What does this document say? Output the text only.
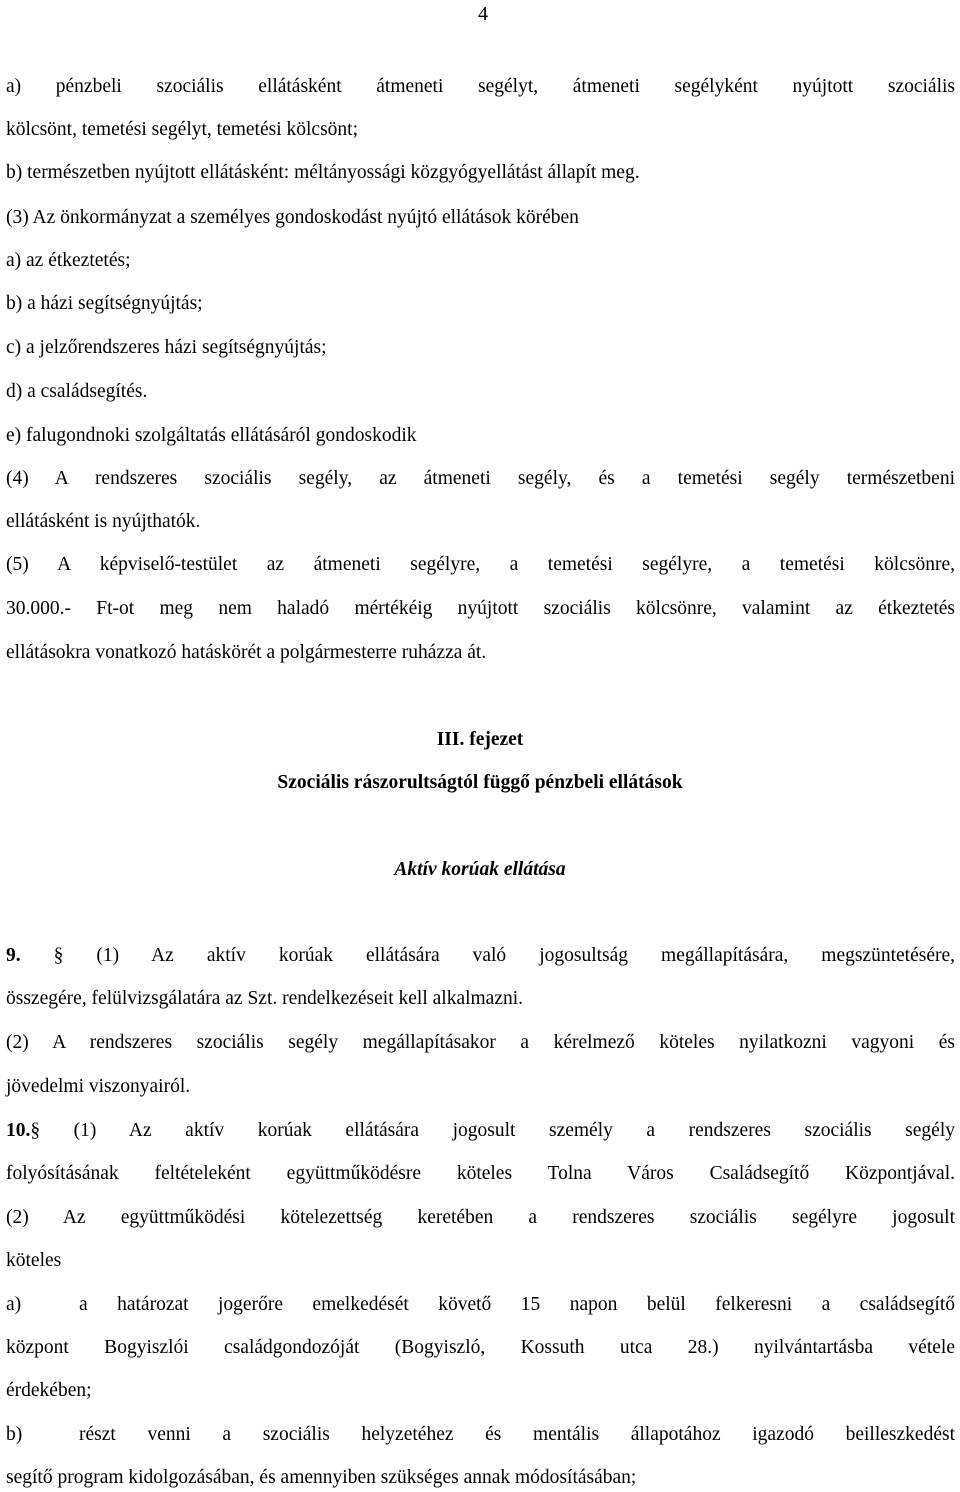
4
a) pénzbeli szociális ellátásként átmeneti segélyt, átmeneti segélyként nyújtott szociális
kölcsönt, temetési segélyt, temetési kölcsönt;
b) természetben nyújtott ellátásként: méltányossági közgyógyellátást állapít meg.
(3) Az önkormányzat a személyes gondoskodást nyújtó ellátások körében
a) az étkeztetés;
b) a házi segítségnyújtás;
c) a jelzőrendszeres házi segítségnyújtás;
d) a családsegítés.
e) falugondnoki szolgáltatás ellátásáról gondoskodik
(4) A rendszeres szociális segély, az átmeneti segély, és a temetési segély természetbeni
ellátásként is nyújthatók.
(5) A képviselő-testület az átmeneti segélyre, a temetési segélyre, a temetési kölcsönre,
30.000.- Ft-ot meg nem haladó mértékéig nyújtott szociális kölcsönre, valamint az étkeztetés
ellátásokra vonatkozó hatáskörét a polgármesterre ruházza át.
III. fejezet
Szociális rászorultságtól függő pénzbeli ellátások
Aktív korúak ellátása
9. § (1) Az aktív korúak ellátására való jogosultság megállapítására, megszüntetésére,
összegére, felülvizsgálatára az Szt. rendelkezéseit kell alkalmazni.
(2) A rendszeres szociális segély megállapításakor a kérelmező köteles nyilatkozni vagyoni és
jövedelmi viszonyairól.
10.§ (1) Az aktív korúak ellátására jogosult személy a rendszeres szociális segély
folyósításának feltételeként együttműködésre köteles Tolna Város Családsegítő Központjával.
(2) Az együttműködési kötelezettség keretében a rendszeres szociális segélyre jogosult
köteles
a)	a határozat jogerőre emelkedését követő 15 napon belül felkeresni a családsegítő
központ Bogyiszlói családgondozóját (Bogyiszló, Kossuth utca 28.) nyilvántartásba vétele
érdekében;
b)	részt venni a szociális helyzetéhez és mentális állapotához igazodó beilleszkedést
segítő program kidolgozásában, és amennyiben szükséges annak módosításában;
